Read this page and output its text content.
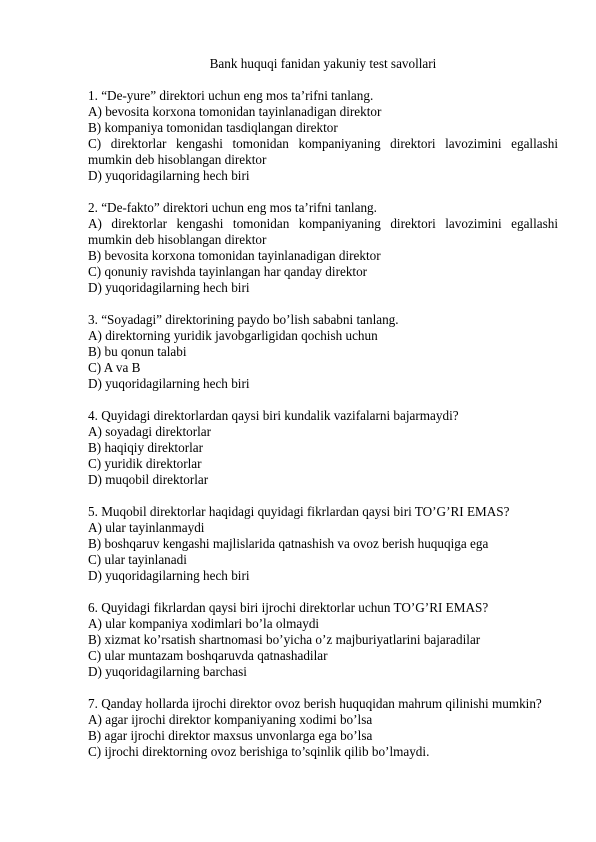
Bank huquqi fanidan yakuniy test savollari
1. “De-yure” direktori uchun eng mos ta’rifni tanlang.
A) bevosita korxona tomonidan tayinlanadigan direktor
B) kompaniya tomonidan tasdiqlangan direktor
C) direktorlar kengashi tomonidan kompaniyaning direktori lavozimini egallashi mumkin deb hisoblangan direktor
D) yuqoridagilarning hech biri
2. “De-fakto” direktori uchun eng mos ta’rifni tanlang.
A) direktorlar kengashi tomonidan kompaniyaning direktori lavozimini egallashi mumkin deb hisoblangan direktor
B) bevosita korxona tomonidan tayinlanadigan direktor
C) qonuniy ravishda tayinlangan har qanday direktor
D) yuqoridagilarning hech biri
3. “Soyadagi” direktorining paydo bo’lish sababni tanlang.
A) direktorning yuridik javobgarligidan qochish uchun
B) bu qonun talabi
C) A va B
D) yuqoridagilarning hech biri
4. Quyidagi direktorlardan qaysi biri kundalik vazifalarni bajarmaydi?
A) soyadagi direktorlar
B) haqiqiy direktorlar
C) yuridik direktorlar
D) muqobil direktorlar
5. Muqobil direktorlar haqidagi quyidagi fikrlardan qaysi biri TO’G’RI EMAS?
A) ular tayinlanmaydi
B) boshqaruv kengashi majlislarida qatnashish va ovoz berish huquqiga ega
C) ular tayinlanadi
D) yuqoridagilarning hech biri
6. Quyidagi fikrlardan qaysi biri ijrochi direktorlar uchun TO’G’RI EMAS?
A) ular kompaniya xodimlari bo’la olmaydi
B) xizmat ko’rsatish shartnomasi bo’yicha o’z majburiyatlarini bajaradilar
C) ular muntazam boshqaruvda qatnashadilar
D) yuqoridagilarning barchasi
7. Qanday hollarda ijrochi direktor ovoz berish huquqidan mahrum qilinishi mumkin?
A) agar ijrochi direktor kompaniyaning xodimi bo’lsa
B) agar ijrochi direktor maxsus unvonlarga ega bo’lsa
C) ijrochi direktorning ovoz berishiga to’sqinlik qilib bo’lmaydi.
